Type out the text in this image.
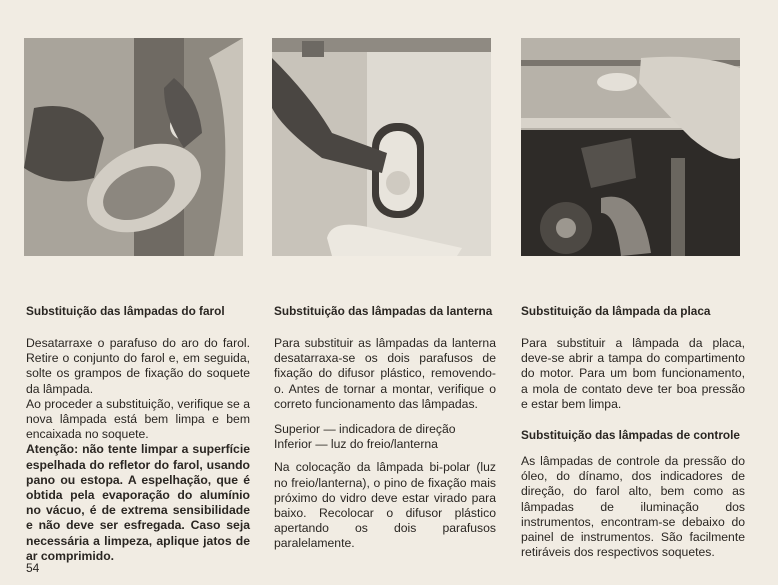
Substituição das lâmpadas do farol

Desatarraxe o parafuso do aro do farol. Retire o conjunto do farol e, em seguida, solte os grampos de fixação do soquete da lâmpada.

Ao proceder a substituição, verifique se a nova lâmpada está bem limpa e bem encaixada no soquete.

Atenção: não tente limpar a superfície espelhada do refletor do farol, usando pano ou estopa. A espelhação, que é obtida pela evaporação do alumínio no vácuo, é de extrema sensibilidade e não deve ser esfregada. Caso seja necessária a limpeza, aplique jatos de ar comprimido.

Substituição das lâmpadas da lanterna

Para substituir as lâmpadas da lanterna desatarraxa-se os dois parafusos de fixação do difusor plástico, removendo-o. Antes de tornar a montar, verifique o correto funcionamento das lâmpadas.

Superior — indicadora de direção

Inferior — luz do freio/lanterna

Na colocação da lâmpada bi-polar (luz no freio/lanterna), o pino de fixação mais próximo do vidro deve estar virado para baixo. Recolocar o difusor plástico apertando os dois parafusos paralelamente.

Substituição da lâmpada da placa

Para substituir a lâmpada da placa, deve-se abrir a tampa do compartimento do motor. Para um bom funcionamento, a mola de contato deve ter boa pressão e estar bem limpa.

Substituição das lâmpadas de controle

As lâmpadas de controle da pressão do óleo, do dínamo, dos indicadores de direção, do farol alto, bem como as lâmpadas de iluminação dos instrumentos, encontram-se debaixo do painel de instrumentos. São facilmente retiráveis dos respectivos soquetes.

54
